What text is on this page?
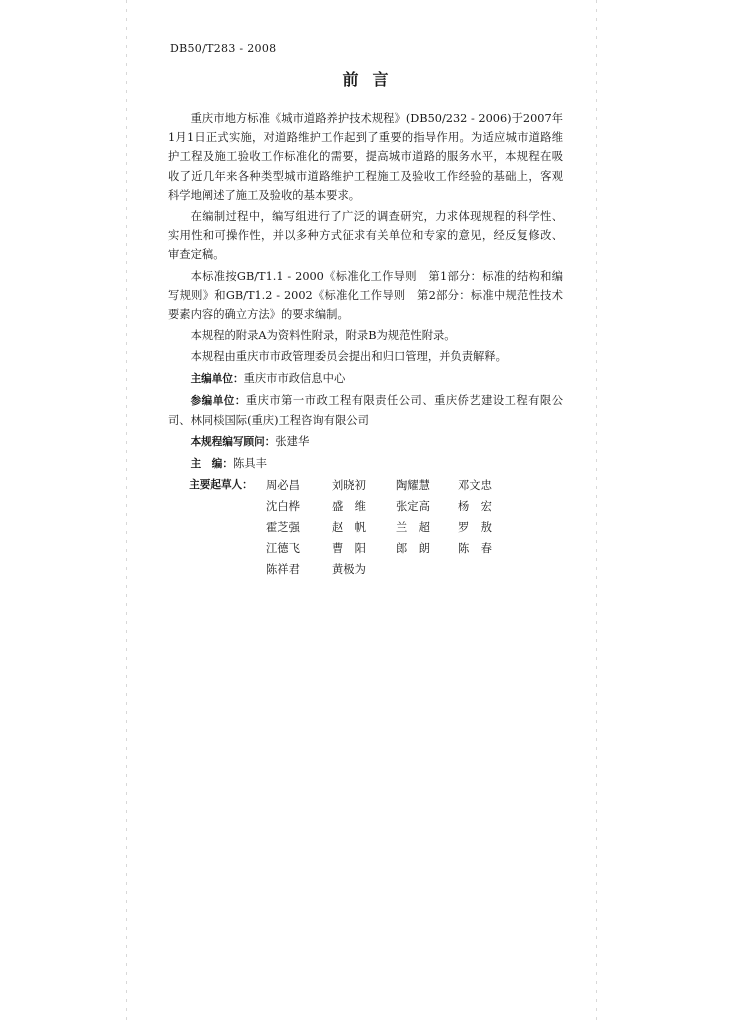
DB50/T283 - 2008
前言

重庆市地方标准《城市道路养护技术规程》(DB50/232 - 2006)于2007年1月1日正式实施，对道路维护工作起到了重要的指导作用。为适应城市道路维护工程及施工验收工作标准化的需要，提高城市道路的服务水平，本规程在吸收了近几年来各种类型城市道路维护工程施工及验收工作经验的基础上，客观科学地阐述了施工及验收的基本要求。

在编制过程中，编写组进行了广泛的调查研究，力求体现规程的科学性、实用性和可操作性，并以多种方式征求有关单位和专家的意见，经反复修改、审查定稿。

本标准按GB/T1.1 - 2000《标准化工作导则　第1部分：标准的结构和编写规则》和GB/T1.2 - 2002《标准化工作导则　第2部分：标准中规范性技术要素内容的确立方法》的要求编制。

本规程的附录A为资料性附录，附录B为规范性附录。

本规程由重庆市市政管理委员会提出和归口管理，并负责解释。

主编单位：重庆市市政信息中心

参编单位：重庆市第一市政工程有限责任公司、重庆侨艺建设工程有限公司、林同棪国际(重庆)工程咨询有限公司

本规程编写顾问：张建华

主　编：陈具丰

主要起草人：	周必昌	刘晓初	陶耀慧	邓文忠
沈白桦	盛　维	张定高	杨　宏
霍芝强	赵　帆	兰　超	罗　敖
江德飞	曹　阳	郎　朗	陈　春
陈祥君	黄极为
